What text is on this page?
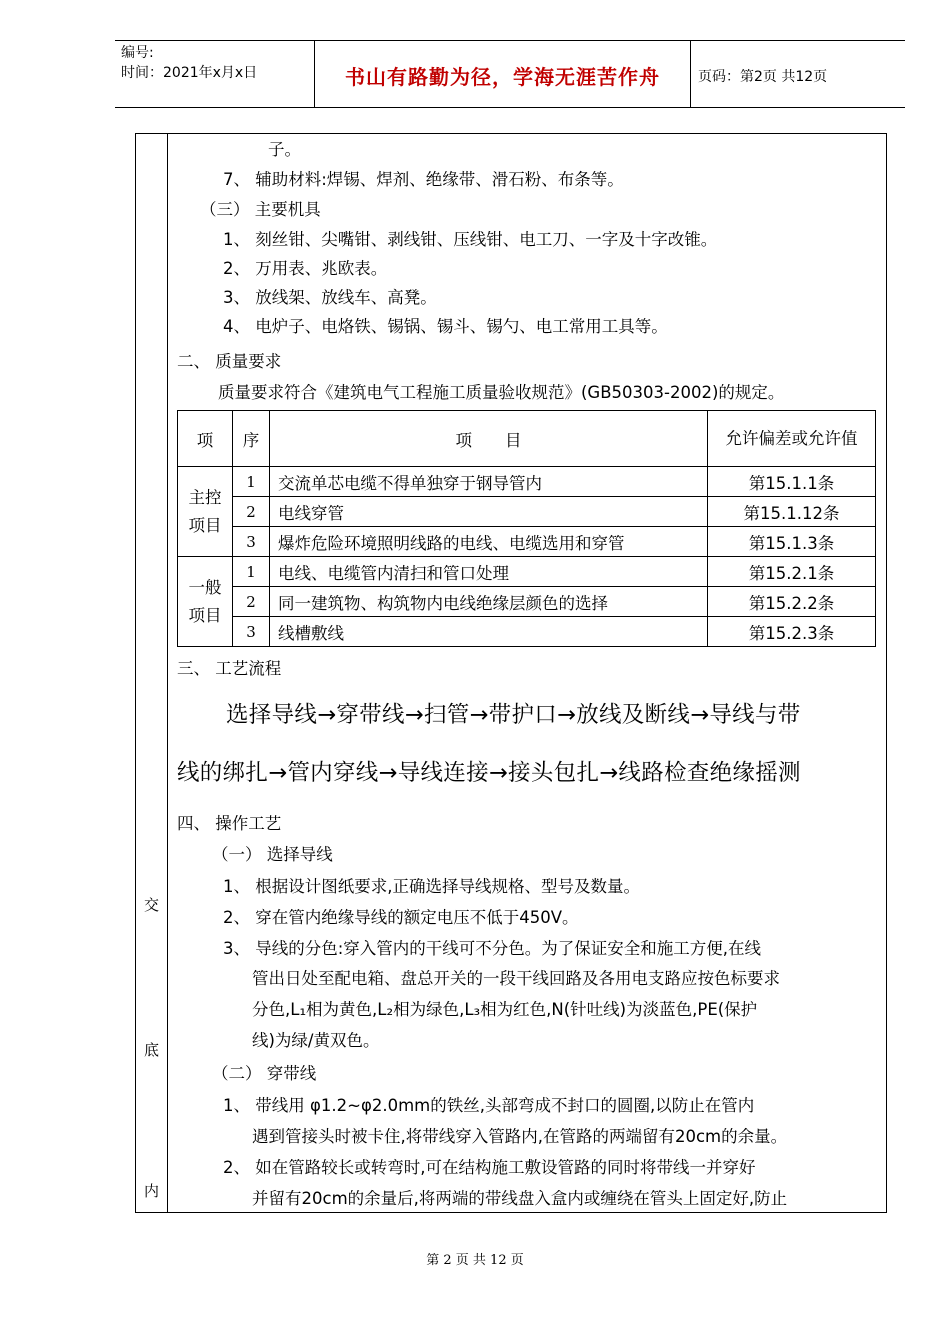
编号:
时间：2021年x月x日	书山有路勤为径，学海无涯苦作舟	页码：第2页 共12页
交
底
内
子。
7、 辅助材料:焊锡、焊剂、绝缘带、滑石粉、布条等。
（三） 主要机具
1、 刻丝钳、尖嘴钳、剥线钳、压线钳、电工刀、一字及十字改锥。
2、 万用表、兆欧表。
3、 放线架、放线车、高凳。
4、 电炉子、电烙铁、锡锅、锡斗、锡勺、电工常用工具等。
二、 质量要求
质量要求符合《建筑电气工程施工质量验收规范》(GB50303-2002)的规定。
项	序	项　　目	允许偏差或允许值
主控项目	1	交流单芯电缆不得单独穿于钢导管内	第15.1.1条
	2	电线穿管	第15.1.12条
	3	爆炸危险环境照明线路的电线、电缆选用和穿管	第15.1.3条
一般项目	1	电线、电缆管内清扫和管口处理	第15.2.1条
	2	同一建筑物、构筑物内电线绝缘层颜色的选择	第15.2.2条
	3	线槽敷线	第15.2.3条
三、 工艺流程
选择导线→穿带线→扫管→带护口→放线及断线→导线与带
线的绑扎→管内穿线→导线连接→接头包扎→线路检查绝缘摇测
四、 操作工艺
（一） 选择导线
1、 根据设计图纸要求,正确选择导线规格、型号及数量。
2、 穿在管内绝缘导线的额定电压不低于450V。
3、 导线的分色:穿入管内的干线可不分色。为了保证安全和施工方便,在线
管出日处至配电箱、盘总开关的一段干线回路及各用电支路应按色标要求
分色,L₁相为黄色,L₂相为绿色,L₃相为红色,N(针吐线)为淡蓝色,PE(保护
线)为绿/黄双色。
（二） 穿带线
1、 带线用 φ1.2~φ2.0mm的铁丝,头部弯成不封口的圆圈,以防止在管内
遇到管接头时被卡住,将带线穿入管路内,在管路的两端留有20cm的余量。
2、 如在管路较长或转弯时,可在结构施工敷设管路的同时将带线一并穿好
并留有20cm的余量后,将两端的带线盘入盒内或缠绕在管头上固定好,防止
第 2 页 共 12 页
